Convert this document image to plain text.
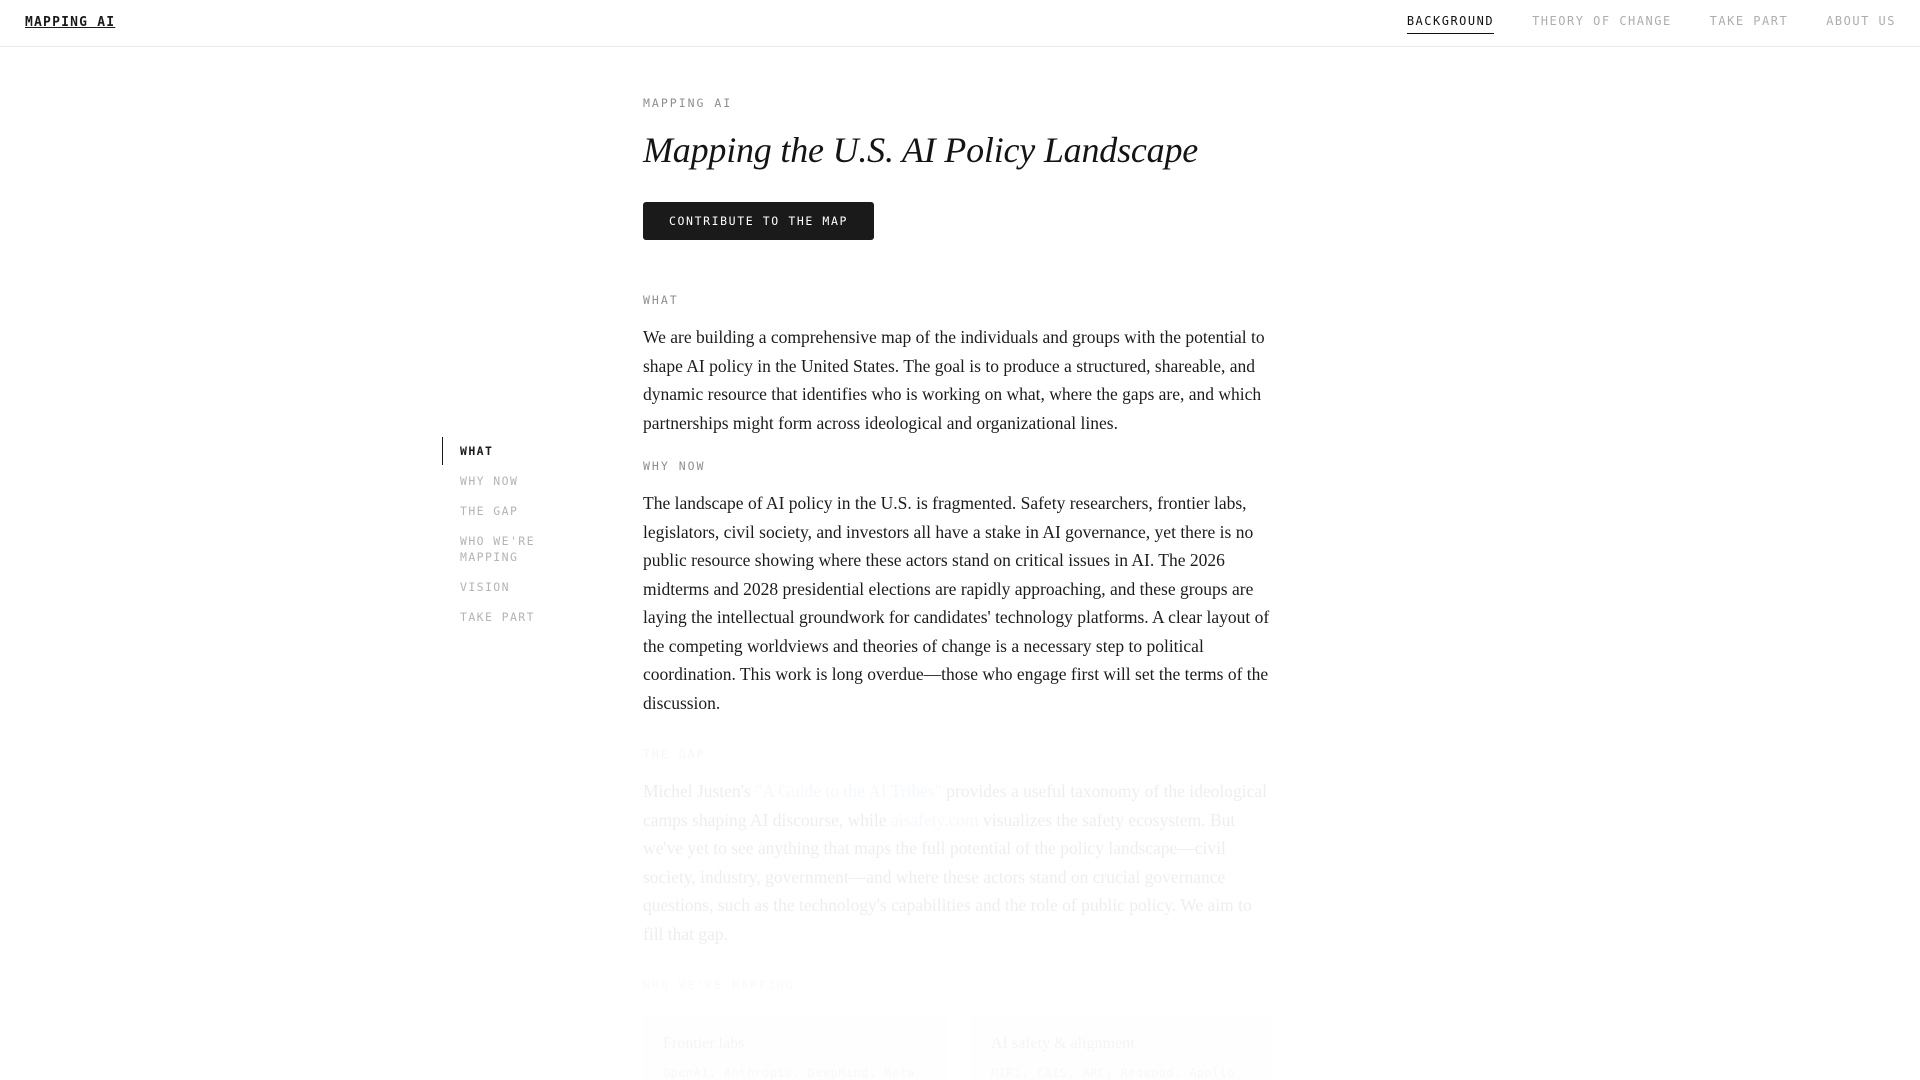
MAPPING AI	BACKGROUND	THEORY OF CHANGE	TAKE PART	ABOUT US
WHAT
WHY NOW
THE GAP
WHO WE'RE MAPPING
VISION
TAKE PART
MAPPING AI
Mapping the U.S. AI Policy Landscape
CONTRIBUTE TO THE MAP
WHAT

We are building a comprehensive map of the individuals and groups with the potential to shape AI policy in the United States. The goal is to produce a structured, shareable, and dynamic resource that identifies who is working on what, where the gaps are, and which partnerships might form across ideological and organizational lines.

WHY NOW

The landscape of AI policy in the U.S. is fragmented. Safety researchers, frontier labs, legislators, civil society, and investors all have a stake in AI governance, yet there is no public resource showing where these actors stand on critical issues in AI. The 2026 midterms and 2028 presidential elections are rapidly approaching, and these groups are laying the intellectual groundwork for candidates' technology platforms. A clear layout of the competing worldviews and theories of change is a necessary step to political coordination. This work is long overdue—those who engage first will set the terms of the discussion.

THE GAP

Michel Justen's "A Guide to the AI Tribes" provides a useful taxonomy of the ideological camps shaping AI discourse, while aisafety.com visualizes the safety ecosystem. But we've yet to see anything that maps the full potential of the policy landscape—civil society, industry, government—and where these actors stand on crucial governance questions, such as the technology's capabilities and the role of public policy. We aim to fill that gap.
